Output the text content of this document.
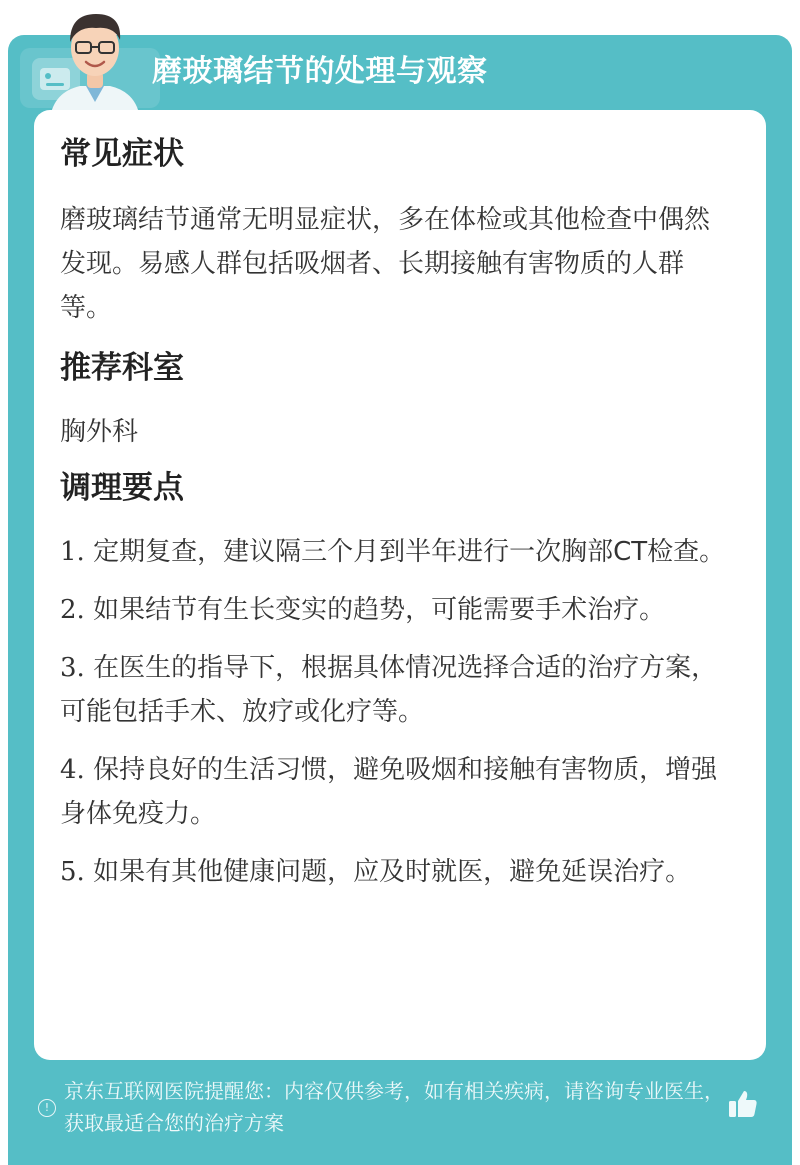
磨玻璃结节的处理与观察
常见症状
磨玻璃结节通常无明显症状，多在体检或其他检查中偶然发现。易感人群包括吸烟者、长期接触有害物质的人群等。
推荐科室
胸外科
调理要点
1. 定期复查，建议隔三个月到半年进行一次胸部CT检查。
2. 如果结节有生长变实的趋势，可能需要手术治疗。
3. 在医生的指导下，根据具体情况选择合适的治疗方案，可能包括手术、放疗或化疗等。
4. 保持良好的生活习惯，避免吸烟和接触有害物质，增强身体免疫力。
5. 如果有其他健康问题，应及时就医，避免延误治疗。
!
京东互联网医院提醒您：内容仅供参考，如有相关疾病，请咨询专业医生，获取最适合您的治疗方案
